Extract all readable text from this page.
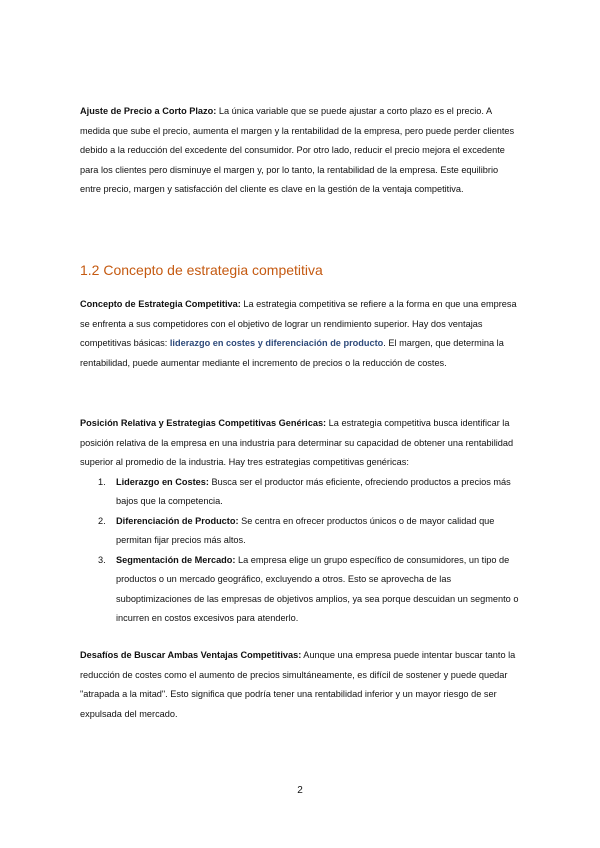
Ajuste de Precio a Corto Plazo: La única variable que se puede ajustar a corto plazo es el precio. A medida que sube el precio, aumenta el margen y la rentabilidad de la empresa, pero puede perder clientes debido a la reducción del excedente del consumidor. Por otro lado, reducir el precio mejora el excedente para los clientes pero disminuye el margen y, por lo tanto, la rentabilidad de la empresa. Este equilibrio entre precio, margen y satisfacción del cliente es clave en la gestión de la ventaja competitiva.

1.2 Concepto de estrategia competitiva

Concepto de Estrategia Competitiva: La estrategia competitiva se refiere a la forma en que una empresa se enfrenta a sus competidores con el objetivo de lograr un rendimiento superior. Hay dos ventajas competitivas básicas: liderazgo en costes y diferenciación de producto. El margen, que determina la rentabilidad, puede aumentar mediante el incremento de precios o la reducción de costes.

Posición Relativa y Estrategias Competitivas Genéricas: La estrategia competitiva busca identificar la posición relativa de la empresa en una industria para determinar su capacidad de obtener una rentabilidad superior al promedio de la industria. Hay tres estrategias competitivas genéricas:

1. Liderazgo en Costes: Busca ser el productor más eficiente, ofreciendo productos a precios más bajos que la competencia.
2. Diferenciación de Producto: Se centra en ofrecer productos únicos o de mayor calidad que permitan fijar precios más altos.
3. Segmentación de Mercado: La empresa elige un grupo específico de consumidores, un tipo de productos o un mercado geográfico, excluyendo a otros. Esto se aprovecha de las suboptimizaciones de las empresas de objetivos amplios, ya sea porque descuidan un segmento o incurren en costos excesivos para atenderlo.

Desafíos de Buscar Ambas Ventajas Competitivas: Aunque una empresa puede intentar buscar tanto la reducción de costes como el aumento de precios simultáneamente, es difícil de sostener y puede quedar "atrapada a la mitad". Esto significa que podría tener una rentabilidad inferior y un mayor riesgo de ser expulsada del mercado.

2
